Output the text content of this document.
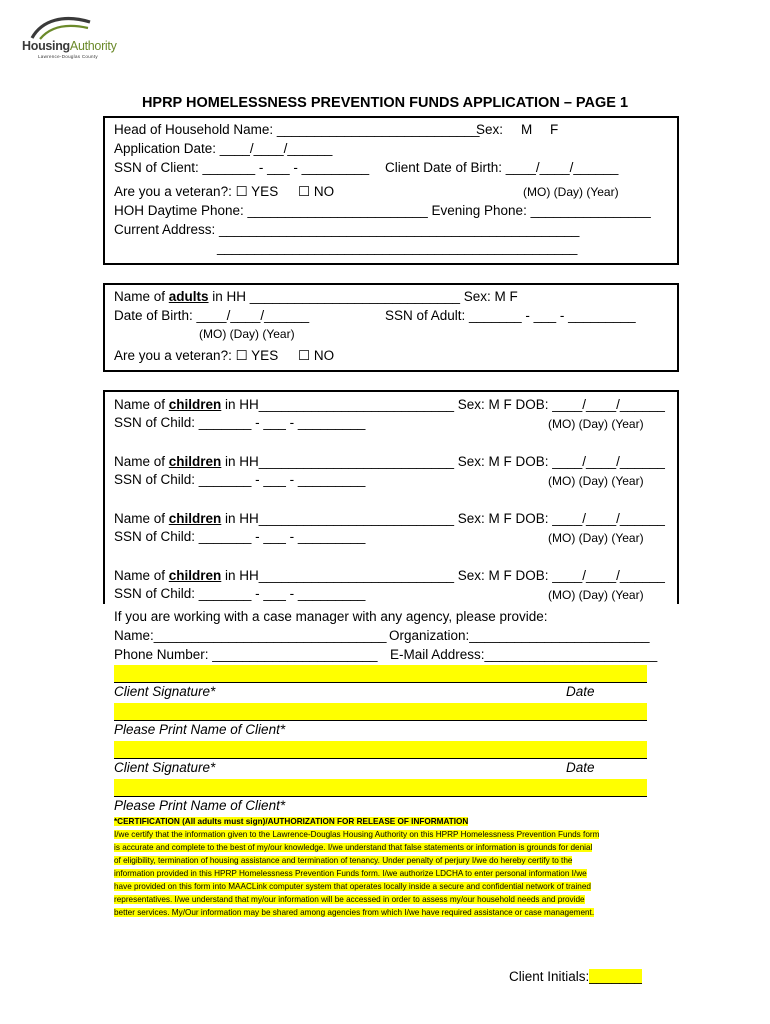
HousingAuthority
Lawrence-Douglas County
HPRP HOMELESSNESS PREVENTION FUNDS APPLICATION – PAGE 1
Head of Household Name: ___________________________
Sex: M F
Application Date: ____/____/______
SSN of Client: _______ - ___ - _________ Client Date of Birth: ____/____/______
Are you a veteran?: ☐ YES ☐ NO	(MO) (Day) (Year)
HOH Daytime Phone: ________________________ Evening Phone: ________________
Current Address: ________________________________________________
________________________________________________
Name of adults in HH ____________________________ Sex: M F
Date of Birth: ____/____/______	SSN of Adult: _______ - ___ - _________
(MO) (Day) (Year)
Are you a veteran?: ☐ YES ☐ NO
Name of children in HH__________________________ Sex: M F DOB: ____/____/______
SSN of Child: _______ - ___ - _________	(MO) (Day) (Year)
Name of children in HH__________________________ Sex: M F DOB: ____/____/______
SSN of Child: _______ - ___ - _________	(MO) (Day) (Year)
Name of children in HH__________________________ Sex: M F DOB: ____/____/______
SSN of Child: _______ - ___ - _________	(MO) (Day) (Year)
Name of children in HH__________________________ Sex: M F DOB: ____/____/______
SSN of Child: _______ - ___ - _________	(MO) (Day) (Year)
If you are working with a case manager with any agency, please provide:
Name:_______________________________ Organization:________________________
Phone Number: ______________________ E-Mail Address:_______________________
Client Signature*	Date
Please Print Name of Client*
Client Signature*	Date
Please Print Name of Client*
*CERTIFICATION (All adults must sign)/AUTHORIZATION FOR RELEASE OF INFORMATION
I/we certify that the information given to the Lawrence-Douglas Housing Authority on this HPRP Homelessness Prevention Funds form
is accurate and complete to the best of my/our knowledge. I/we understand that false statements or information is grounds for denial
of eligibility, termination of housing assistance and termination of tenancy. Under penalty of perjury I/we do hereby certify to the
information provided in this HPRP Homelessness Prevention Funds form. I/we authorize LDCHA to enter personal information I/we
have provided on this form into MAACLink computer system that operates locally inside a secure and confidential network of trained
representatives. I/we understand that my/our information will be accessed in order to assess my/our household needs and provide
better services. My/Our information may be shared among agencies from which I/we have required assistance or case management.
Client Initials:_______
